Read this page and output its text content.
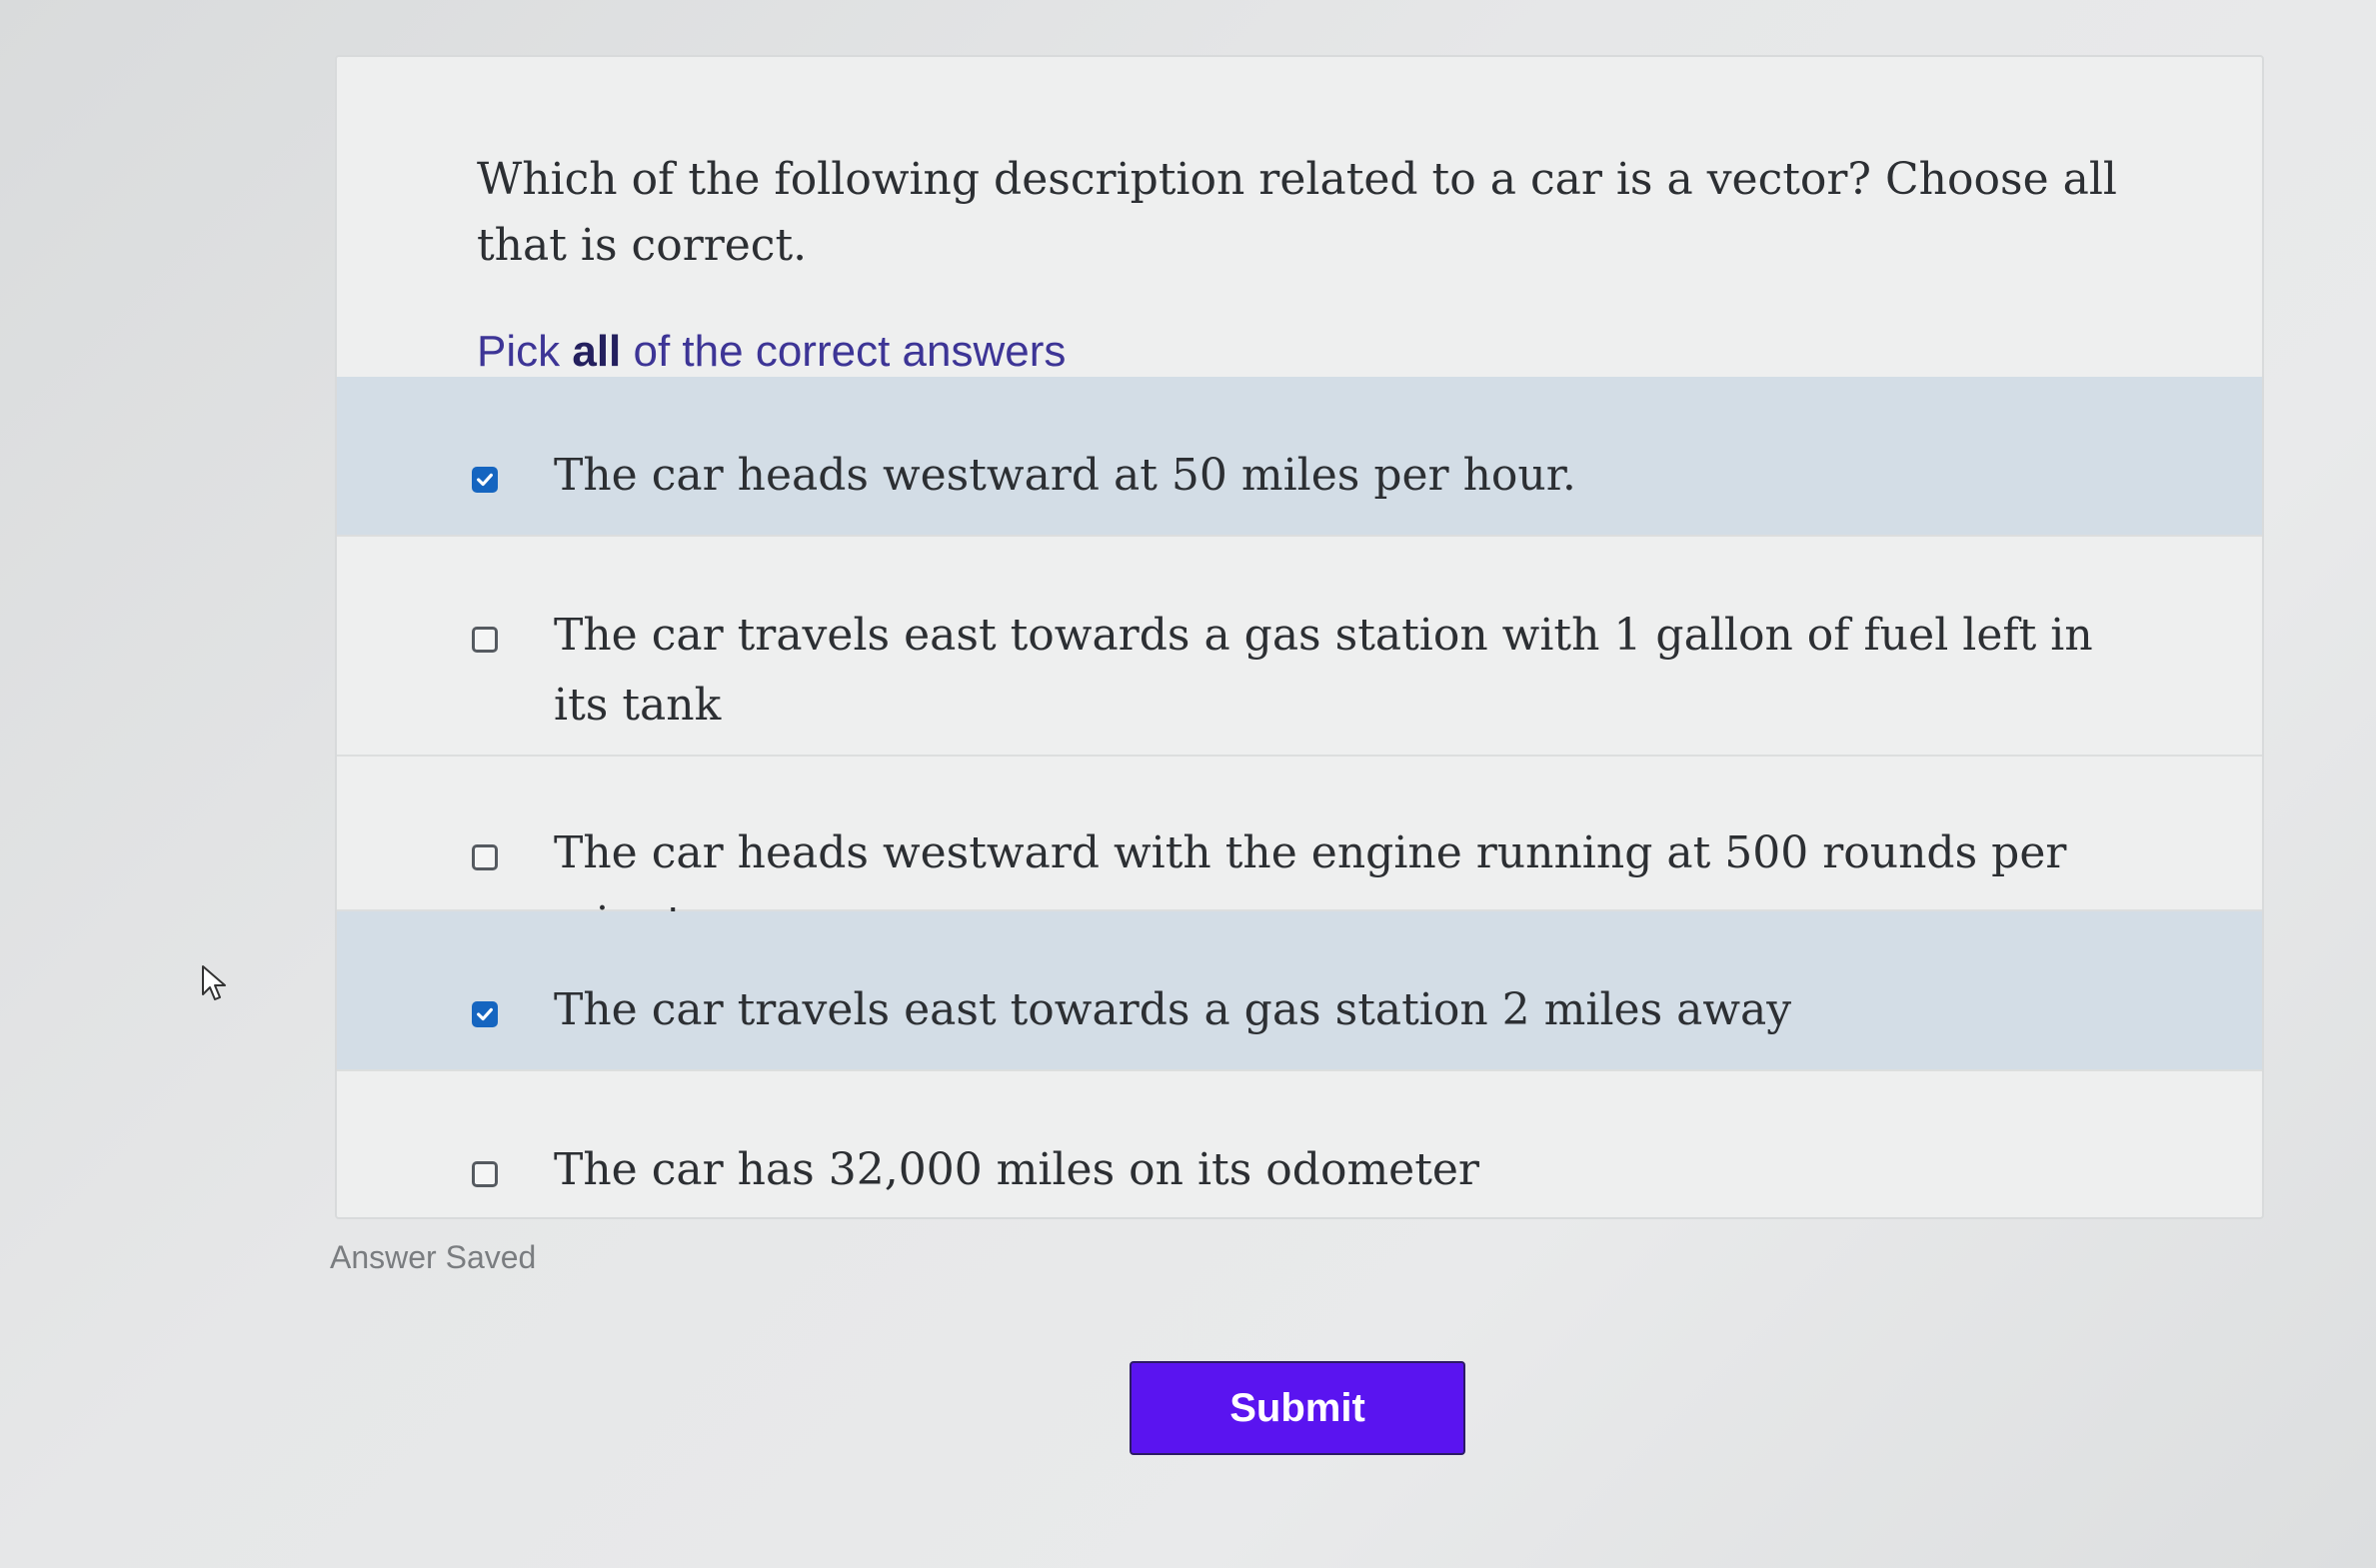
Which of the following description related to a car is a vector? Choose all that is correct.

Pick all of the correct answers

The car heads westward at 50 miles per hour.
The car travels east towards a gas station with 1 gallon of fuel left in its tank
The car heads westward with the engine running at 500 rounds per
The car travels east towards a gas station 2 miles away
The car has 32,000 miles on its odometer
Answer Saved
Submit
